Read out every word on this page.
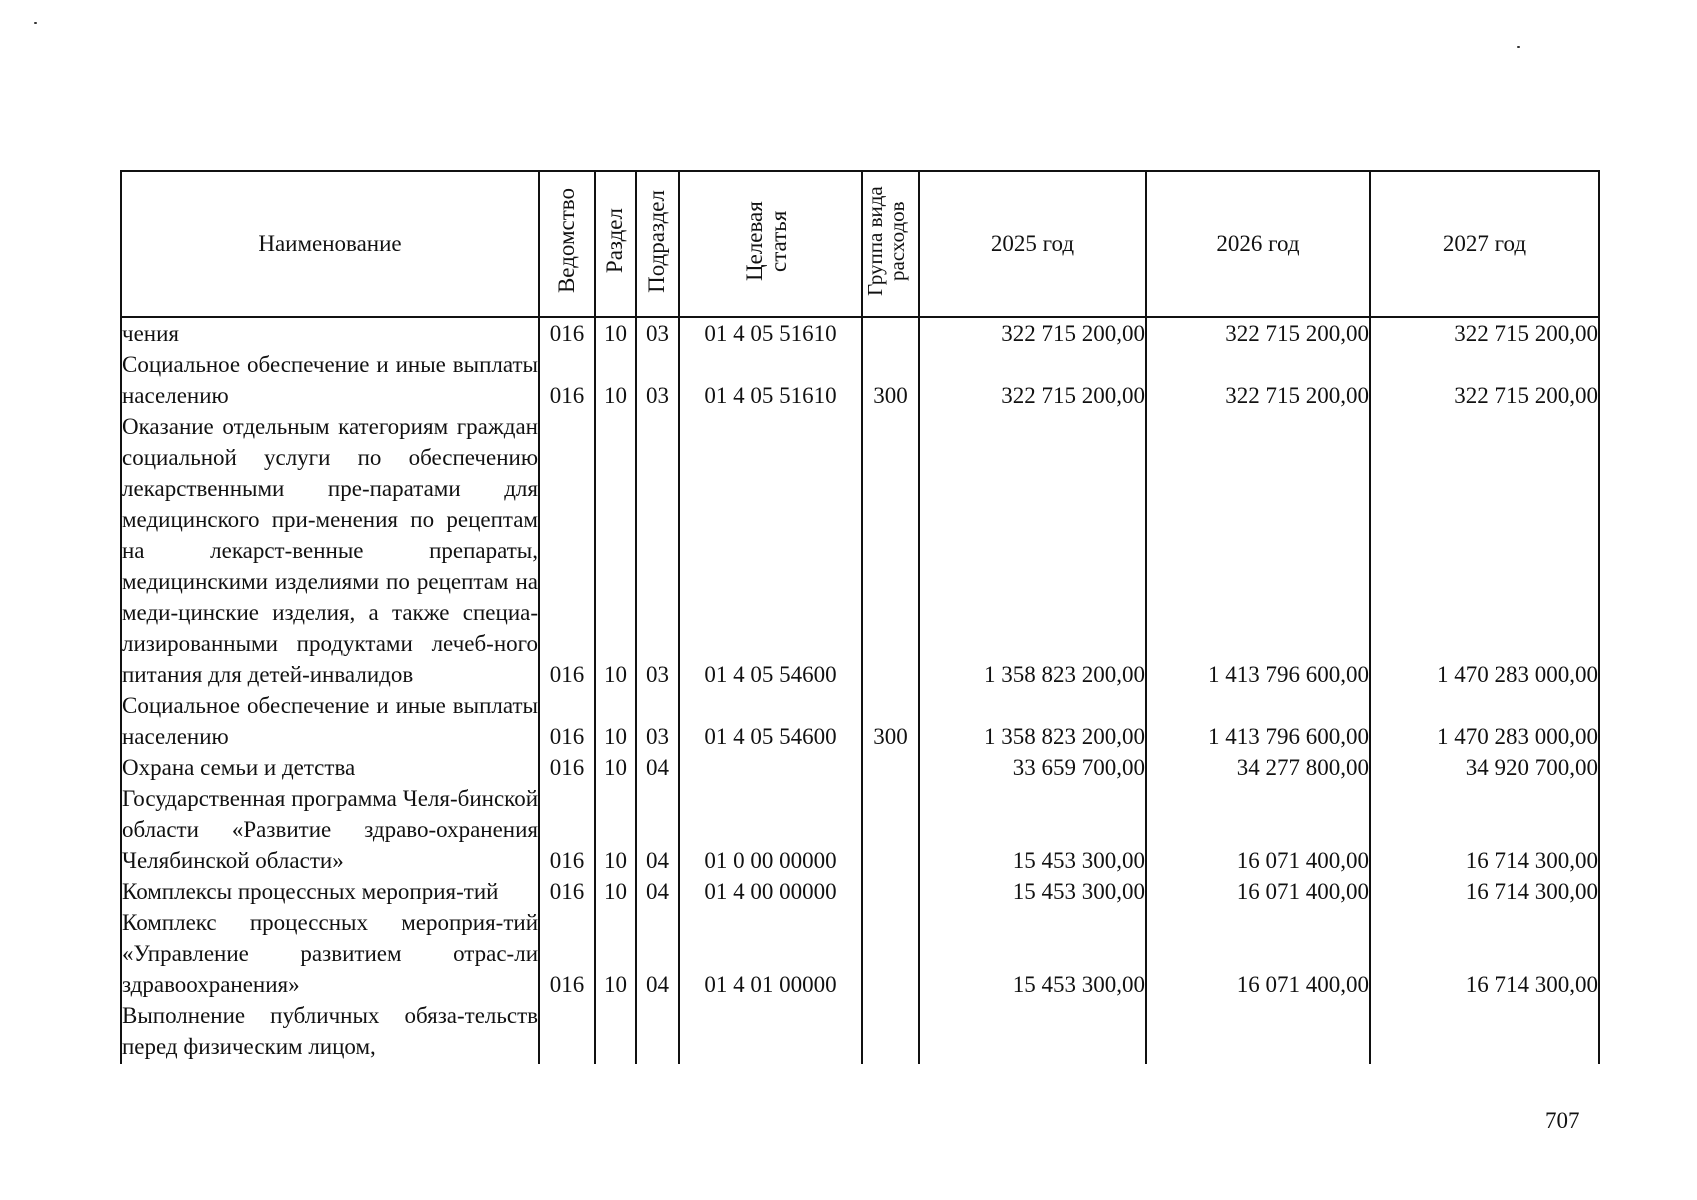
Наименование	Ведомство	Раздел	Подраздел	Целевая статья	Группа вида расходов	2025 год	2026 год	2027 год
чения	016	10	03	01 4 05 51610		322 715 200,00	322 715 200,00	322 715 200,00
Социальное обеспечение и иные выплаты населению	016	10	03	01 4 05 51610	300	322 715 200,00	322 715 200,00	322 715 200,00
Оказание отдельным категориям граждан социальной услуги по обеспечению лекарственными пре-паратами для медицинского при-менения по рецептам на лекарст-венные препараты, медицинскими изделиями по рецептам на меди-цинские изделия, а также специа-лизированными продуктами лечеб-ного питания для детей-инвалидов	016	10	03	01 4 05 54600		1 358 823 200,00	1 413 796 600,00	1 470 283 000,00
Социальное обеспечение и иные выплаты населению	016	10	03	01 4 05 54600	300	1 358 823 200,00	1 413 796 600,00	1 470 283 000,00
Охрана семьи и детства	016	10	04			33 659 700,00	34 277 800,00	34 920 700,00
Государственная программа Челя-бинской области «Развитие здраво-охранения Челябинской области»	016	10	04	01 0 00 00000		15 453 300,00	16 071 400,00	16 714 300,00
Комплексы процессных мероприя-тий	016	10	04	01 4 00 00000		15 453 300,00	16 071 400,00	16 714 300,00
Комплекс процессных мероприя-тий «Управление развитием отрас-ли здравоохранения»	016	10	04	01 4 01 00000		15 453 300,00	16 071 400,00	16 714 300,00
Выполнение публичных обяза-тельств перед физическим лицом,								
707
